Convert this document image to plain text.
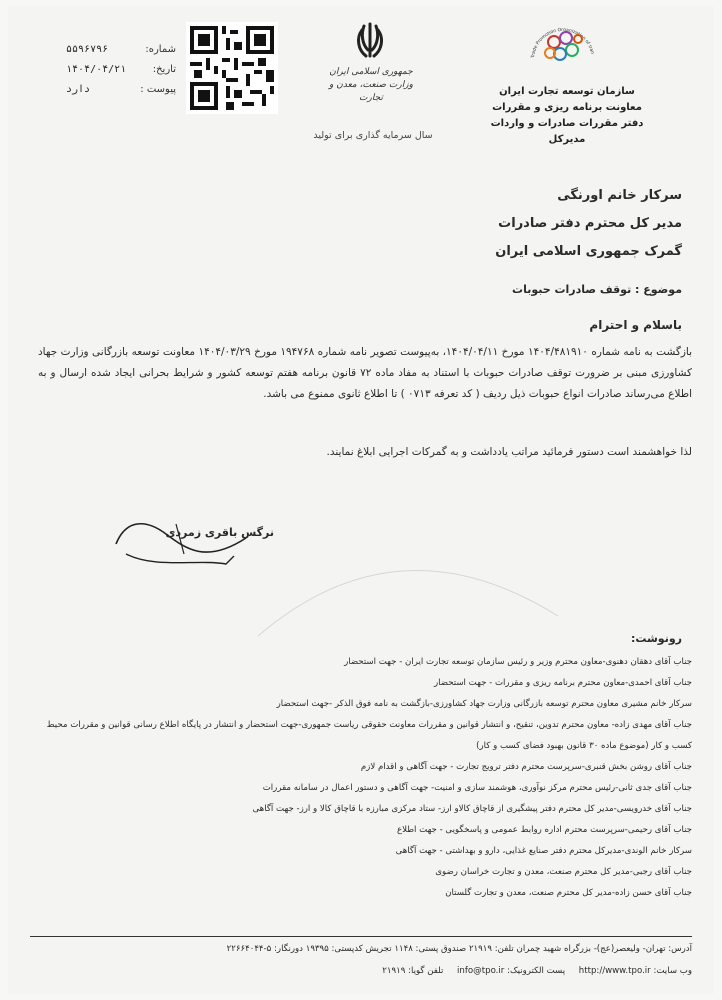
شماره:
۵۵۹۶۷۹۶
تاریخ:
۱۴۰۴/۰۴/۲۱
پیوست :
دارد
جمهوری اسلامی ایران
وزارت صنعت، معدن و تجارت
سال سرمایه گذاری برای تولید
Trade Promotion Organization of Iran
سازمان توسعه تجارت ایران
معاونت برنامه ریزی و مقررات
دفتر مقررات صادرات و واردات
مدیرکل
سرکار خانم اورنگی
مدیر کل محترم دفتر صادرات
گمرک جمهوری اسلامی ایران
موضوع : توقف صادرات حبوبات
باسلام و احترام
بازگشت به نامه شماره ۱۴۰۴/۴۸۱۹۱۰ مورخ ۱۴۰۴/۰۴/۱۱، به‌پیوست تصویر نامه شماره ۱۹۴۷۶۸ مورخ ۱۴۰۴/۰۳/۲۹ معاونت توسعه بازرگانی وزارت جهاد کشاورزی مبنی بر ضرورت توقف صادرات حبوبات با استناد به مفاد ماده ۷۲ قانون برنامه هفتم توسعه کشور و شرایط بحرانی ایجاد شده ارسال و به اطلاع می‌رساند صادرات انواع حبوبات ذیل ردیف ( کد تعرفه ۰۷۱۳ ) تا اطلاع ثانوی ممنوع می باشد.
لذا خواهشمند است دستور فرمائید مراتب یادداشت و به گمرکات اجرایی ابلاغ نمایند.
نرگس باقری زمردی
رونوشت:
جناب آقای دهقان دهنوی-معاون محترم وزیر و رئیس سازمان توسعه تجارت ایران - جهت استحضار
جناب آقای احمدی-معاون محترم برنامه ریزی و مقررات - جهت استحضار
سرکار خانم مشیری معاون محترم توسعه بازرگانی وزارت جهاد کشاورزی-بازگشت به نامه فوق الذکر -جهت استحضار
جناب آقای مهدی زاده- معاون محترم تدوین، تنقیح، و انتشار قوانین و مقررات معاونت حقوقی ریاست جمهوری-جهت استحضار و انتشار در پایگاه اطلاع رسانی قوانین و مقررات محیط کسب و کار (موضوع ماده ۳۰ قانون بهبود فضای کسب و کار)
جناب آقای روشن بخش قنبری-سرپرست محترم دفتر ترویج تجارت - جهت آگاهی و اقدام لازم
جناب آقای جدی ثانی-رئیس محترم مرکز نوآوری، هوشمند سازی و امنیت- جهت آگاهی و دستور اعمال در سامانه مقررات
جناب آقای خدرویسی-مدیر کل محترم دفتر پیشگیری از قاچاق کالاو ارز- ستاد مرکزی مبارزه با قاچاق کالا و ارز- جهت آگاهی
جناب آقای رحیمی-سرپرست محترم اداره روابط عمومی و پاسخگویی - جهت اطلاع
سرکار خانم الوندی-مدیرکل محترم دفتر صنایع غذایی، دارو و بهداشتی - جهت آگاهی
جناب آقای رجبی-مدیر کل محترم صنعت، معدن و تجارت خراسان رضوی
جناب آقای حسن زاده-مدیر کل محترم صنعت، معدن و تجارت گلستان
آدرس: تهران- ولیعصر(عج)- بزرگراه شهید چمران تلفن: ۲۱۹۱۹ صندوق پستی: ۱۱۴۸ تجریش کدپستی: ۱۹۳۹۵ دورنگار: ۵-۲۲۶۶۴۰۴۴
وب سایت: http://www.tpo.ir     پست الکترونیک: info@tpo.ir     تلفن گویا: ۲۱۹۱۹
